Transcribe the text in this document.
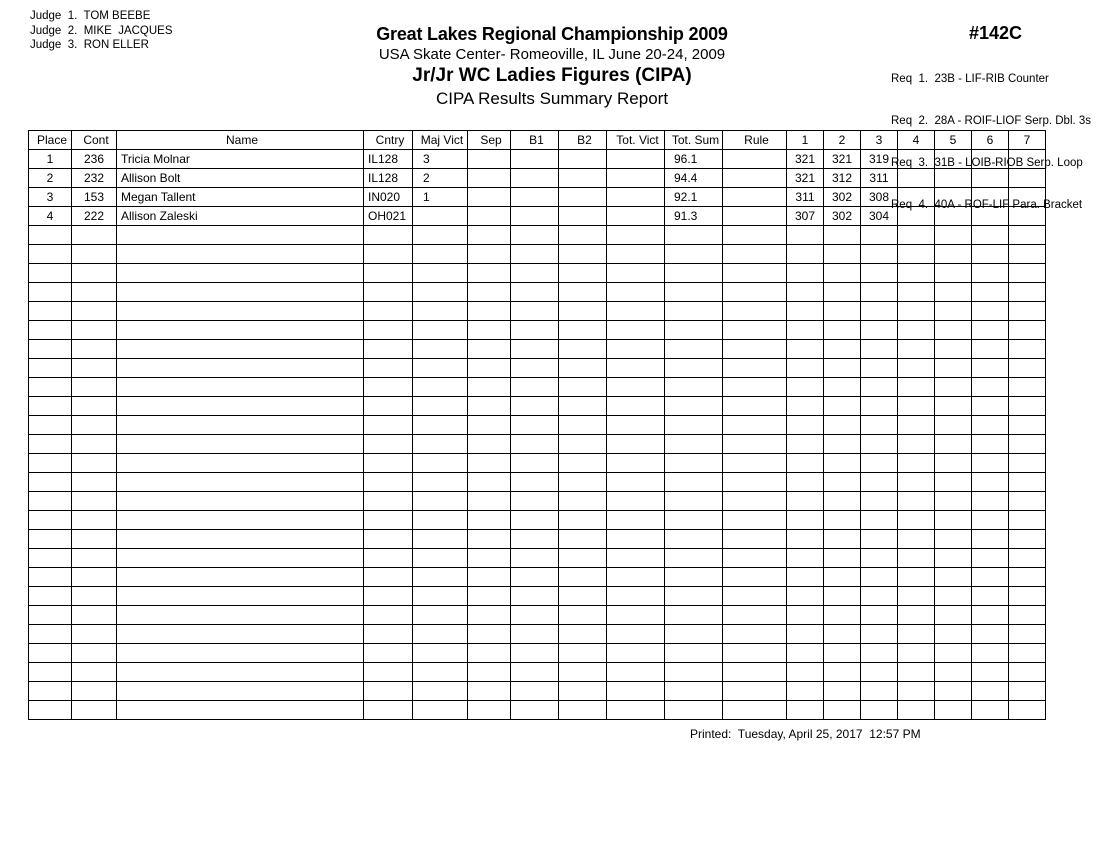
Judge  1.  TOM BEEBE
Judge  2.  MIKE  JACQUES
Judge  3.  RON ELLER
Great Lakes Regional Championship 2009
USA Skate Center- Romeoville, IL June 20-24, 2009
Jr/Jr WC Ladies Figures (CIPA)
CIPA Results Summary Report
#142C

Req  1.  23B - LIF-RIB Counter

Req  2.  28A - ROIF-LIOF Serp. Dbl. 3s

Req  3.  31B - LOIB-RIOB Serp. Loop

Req  4.  40A - ROF-LIF Para. Bracket

Place	Cont	Name	Cntry	Maj Vict	Sep	B1	B2	Tot. Vict	Tot. Sum	Rule	1	2	3	4	5	6	7
1	236	Tricia Molnar	IL128	3					96.1		321	321	319				
2	232	Allison Bolt	IL128	2					94.4		321	312	311				
3	153	Megan Tallent	IN020	1					92.1		311	302	308				
4	222	Allison Zaleski	OH021						91.3		307	302	304				

Printed:  Tuesday, April 25, 2017  12:57 PM
